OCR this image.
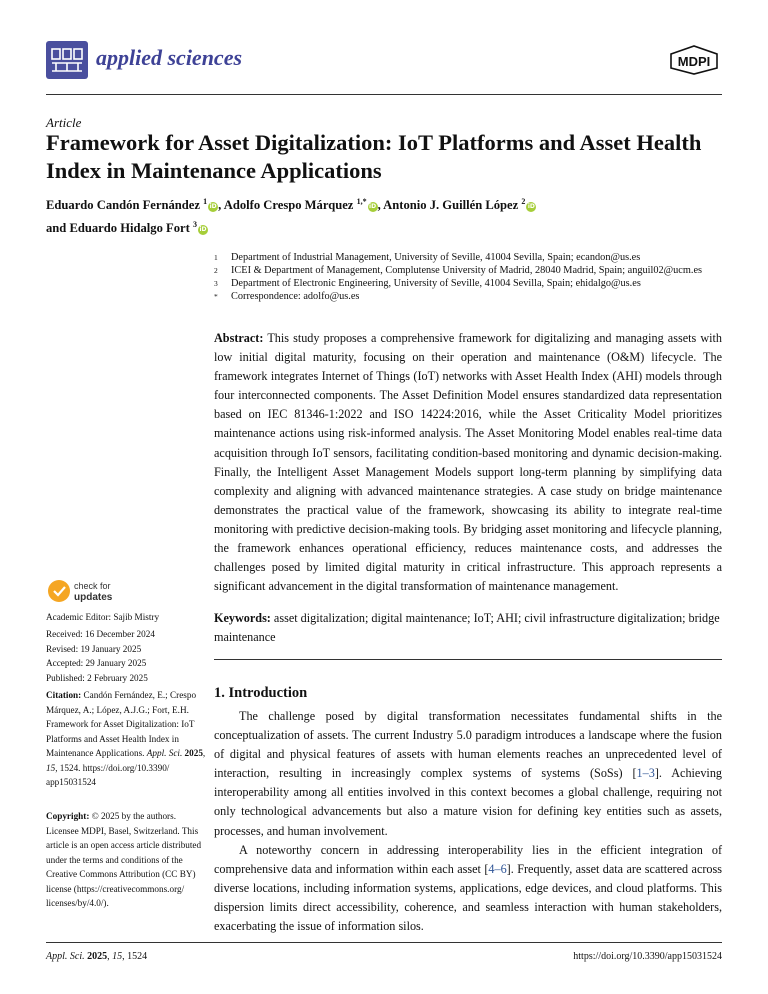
applied sciences	MDPI
Article
Framework for Asset Digitalization: IoT Platforms and Asset Health Index in Maintenance Applications
Eduardo Candón Fernández $^1$iD, Adolfo Crespo Márquez $^{1,*}$iD, Antonio J. Guillén López $^2$iD
and Eduardo Hidalgo Fort $^3$iD
1	Department of Industrial Management, University of Seville, 41004 Sevilla, Spain; ecandon@us.es
2	ICEI & Department of Management, Complutense University of Madrid, 28040 Madrid, Spain; anguil02@ucm.es
3	Department of Electronic Engineering, University of Seville, 41004 Sevilla, Spain; ehidalgo@us.es
*	Correspondence: adolfo@us.es
Abstract: This study proposes a comprehensive framework for digitalizing and managing assets with low initial digital maturity, focusing on their operation and maintenance (O&M) lifecycle. The framework integrates Internet of Things (IoT) networks with Asset Health Index (AHI) models through four interconnected components. The Asset Definition Model ensures standardized data representation based on IEC 81346-1:2022 and ISO 14224:2016, while the Asset Criticality Model prioritizes maintenance actions using risk-informed analysis. The Asset Monitoring Model enables real-time data acquisition through IoT sensors, facilitating condition-based monitoring and dynamic decision-making. Finally, the Intelligent Asset Management Models support long-term planning by simplifying data complexity and aligning with advanced maintenance strategies. A case study on bridge maintenance demonstrates the practical value of the framework, showcasing its ability to integrate real-time monitoring with predictive decision-making tools. By bridging asset monitoring and lifecycle planning, the framework enhances operational efficiency, reduces maintenance costs, and addresses the challenges posed by limited digital maturity in critical infrastructure. This approach represents a significant advancement in the digital transformation of maintenance management.
Keywords: asset digitalization; digital maintenance; IoT; AHI; civil infrastructure digitalization; bridge maintenance
check for
updates
Academic Editor: Sajib Mistry
Received: 16 December 2024
Revised: 19 January 2025
Accepted: 29 January 2025
Published: 2 February 2025
Citation: Candón Fernández, E.; Crespo Márquez, A.; López, A.J.G.; Fort, E.H. Framework for Asset Digitalization: IoT Platforms and Asset Health Index in Maintenance Applications. Appl. Sci. 2025, 15, 1524. https://doi.org/10.3390/ app15031524
Copyright: © 2025 by the authors. Licensee MDPI, Basel, Switzerland. This article is an open access article distributed under the terms and conditions of the Creative Commons Attribution (CC BY) license (https://creativecommons.org/ licenses/by/4.0/).
1. Introduction

The challenge posed by digital transformation necessitates fundamental shifts in the conceptualization of assets. The current Industry 5.0 paradigm introduces a landscape where the fusion of digital and physical features of assets with human elements reaches an unprecedented level of interaction, resulting in increasingly complex systems of systems (SoSs) [1–3]. Achieving interoperability among all entities involved in this context becomes a global challenge, requiring not only technological advancements but also a mature vision for defining key entities such as assets, processes, and human involvement.

A noteworthy concern in addressing interoperability lies in the efficient integration of comprehensive data and information within each asset [4–6]. Frequently, asset data are scattered across diverse locations, including information systems, applications, edge devices, and cloud platforms. This dispersion limits direct accessibility, coherence, and seamless interaction with human stakeholders, exacerbating the issue of information silos.

Appl. Sci. 2025, 15, 1524	https://doi.org/10.3390/app15031524
